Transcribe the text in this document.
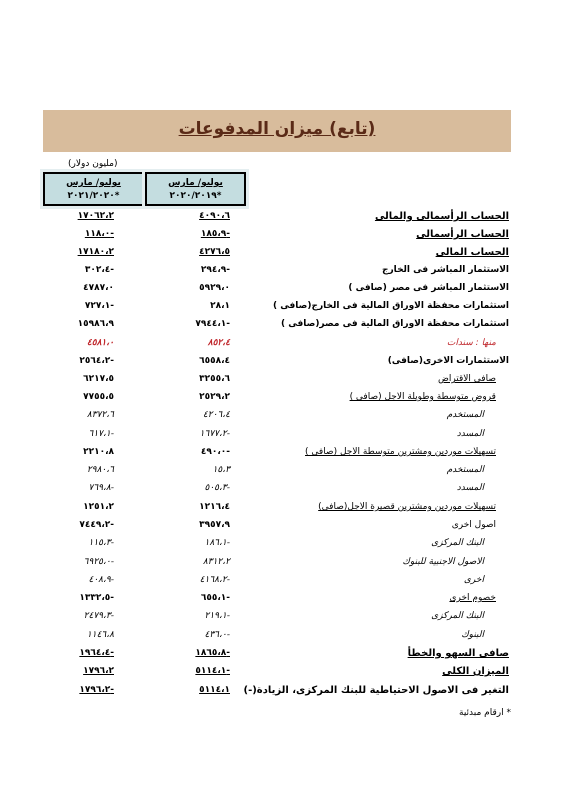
(تابع) ميزان المدفوعات
(مليون دولار)
يوليو/ مارس
*٢٠٢١/٢٠٢٠
يوليو/ مارس
*٢٠٢٠/٢٠١٩
١٧٠٦٢،٢	٤٠٩٠،٦	الحساب الرأسمالى والمالى
١١٨،٠-	١٨٥،٩-	الحساب الرأسمالى
١٧١٨٠،٢	٤٢٧٦،٥	الحساب المالى
٣٠٢،٤-	٢٩٤،٩-	الاستثمار المباشر فى الخارج
٤٧٨٧،٠	٥٩٢٩،٠	الاستثمار المباشر فى مصر (صافى )
٧٢٧،١-	٢٨،١	استثمارات محفظة الاوراق المالية فى الخارج(صافى )
١٥٩٨٦،٩	٧٩٤٤،١-	استثمارات محفظة الاوراق المالية فى مصر(صافى )
٤٥٨١،٠	٨٥٢،٤	منها : سندات
٢٥٦٤،٢-	٦٥٥٨،٤	الاستثمارات الاخرى(صافى)
٦٢١٧،٥	٣٢٥٥،٦	صافى الاقتراض
٧٧٥٥،٥	٢٥٢٩،٢	قروض متوسطة وطويلة الاجل (صافى )
٨٣٧٢،٦	٤٢٠٦،٤	المستخدم
٦١٧،١-	١٦٧٧،٢-	المسدد
٢٢١٠،٨	٤٩٠،٠-	تسهيلات موردين ومشترين متوسطة الاجل (صافى )
٢٩٨٠،٦	١٥،٣	المستخدم
٧٦٩،٨-	٥٠٥،٣-	المسدد
١٢٥١،٢	١٢١٦،٤	تسهيلات موردين ومشترين قصيرة الاجل(صافى)
٧٤٤٩،٢-	٣٩٥٧،٩	اصول اخرى
١١٥،٣-	١٨٦،١-	البنك المركزى
٦٩٢٥،٠-	٨٣١٢،٢	الاصول الاجنبية للبنوك
٤٠٨،٩-	٤١٦٨،٢-	اخرى
١٣٣٢،٥-	٦٥٥،١-	خصوم اخرى
٢٤٧٩،٣-	٢١٩،١-	البنك المركزى
١١٤٦،٨	٤٣٦،٠-	البنوك
١٩٦٤،٤-	١٨٦٥،٨-	صافى السهو والخطأ
١٧٩٦،٢	٥١١٤،١-	الميزان الكلى
١٧٩٦،٢-	٥١١٤،١ التغير فى الاصول الاحتياطية للبنك المركزى، الزيادة(-)
* ارقام مبدئية
